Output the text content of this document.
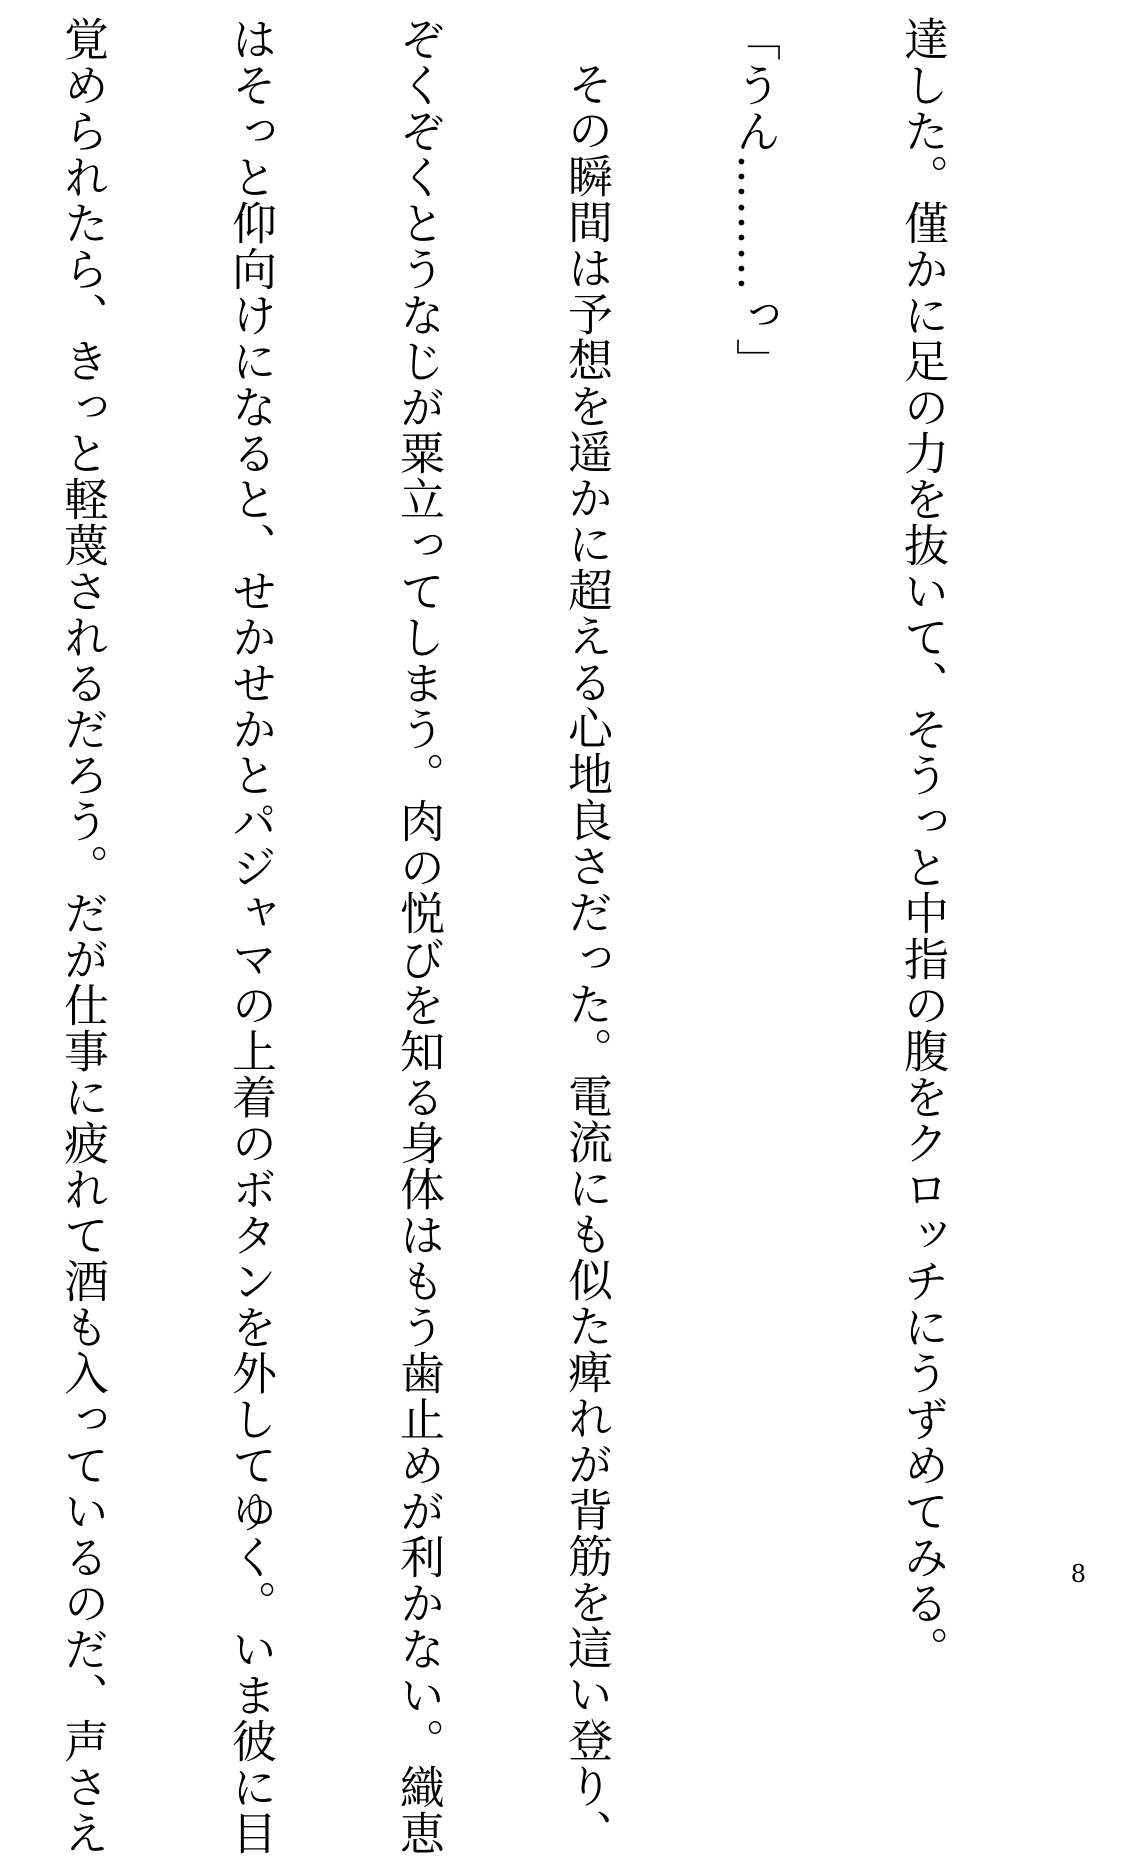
達した。僅かに足の力を抜いて、そうっと中指の腹をクロッチにうずめてみる。

「うん………っ」

その瞬間は予想を遥かに超える心地良さだった。電流にも似た痺れが背筋を這い登り、

ぞくぞくとうなじが粟立ってしまう。肉の悦びを知る身体はもう歯止めが利かない。織恵

はそっと仰向けになると、せかせかとパジャマの上着のボタンを外してゆく。いま彼に目

覚められたら、きっと軽蔑されるだろう。だが仕事に疲れて酒も入っているのだ、声さえ

	8
